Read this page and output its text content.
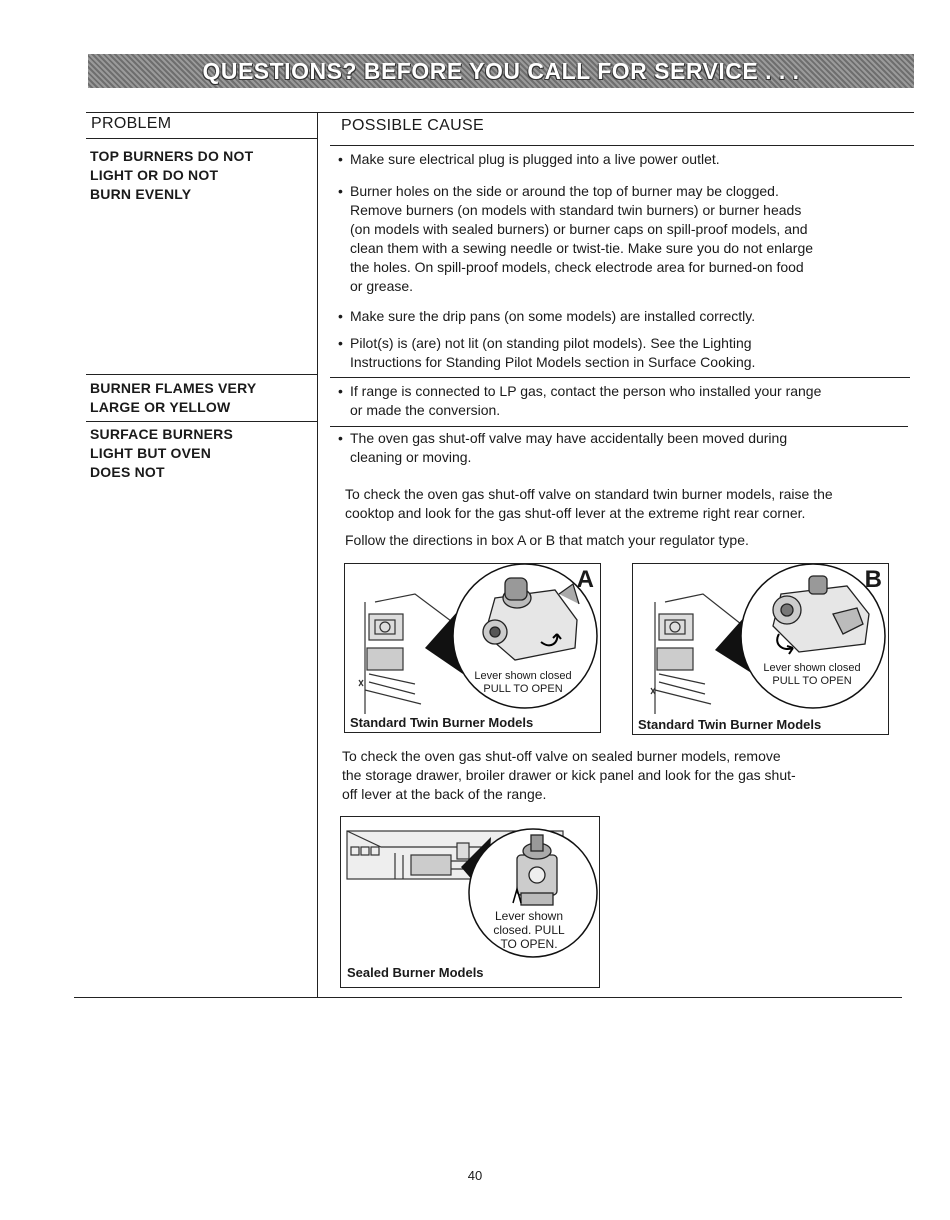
QUESTIONS? BEFORE YOU CALL FOR SERVICE . . .
PROBLEM	POSSIBLE CAUSE
TOP BURNERS DO NOT
LIGHT OR DO NOT
BURN EVENLY
• Make sure electrical plug is plugged into a live power outlet.
• Burner holes on the side or around the top of burner may be clogged.
Remove burners (on models with standard twin burners) or burner heads
(on models with sealed burners) or burner caps on spill-proof models, and
clean them with a sewing needle or twist-tie. Make sure you do not enlarge
the holes. On spill-proof models, check electrode area for burned-on food
or grease.
• Make sure the drip pans (on some models) are installed correctly.
• Pilot(s) is (are) not lit (on standing pilot models). See the Lighting
Instructions for Standing Pilot Models section in Surface Cooking.
BURNER FLAMES VERY
LARGE OR YELLOW
• If range is connected to LP gas, contact the person who installed your range
or made the conversion.
SURFACE BURNERS
LIGHT BUT OVEN
DOES NOT
• The oven gas shut-off valve may have accidentally been moved during
cleaning or moving.
To check the oven gas shut-off valve on standard twin burner models, raise the
cooktop and look for the gas shut-off lever at the extreme right rear corner.
Follow the directions in box A or B that match your regulator type.
A
Lever shown closed
PULL TO OPEN
Standard Twin Burner Models
B
Lever shown closed
PULL TO OPEN
Standard Twin Burner Models
To check the oven gas shut-off valve on sealed burner models, remove
the storage drawer, broiler drawer or kick panel and look for the gas shut-
off lever at the back of the range.
Lever shown
closed. PULL
TO OPEN.
Sealed Burner Models
40
